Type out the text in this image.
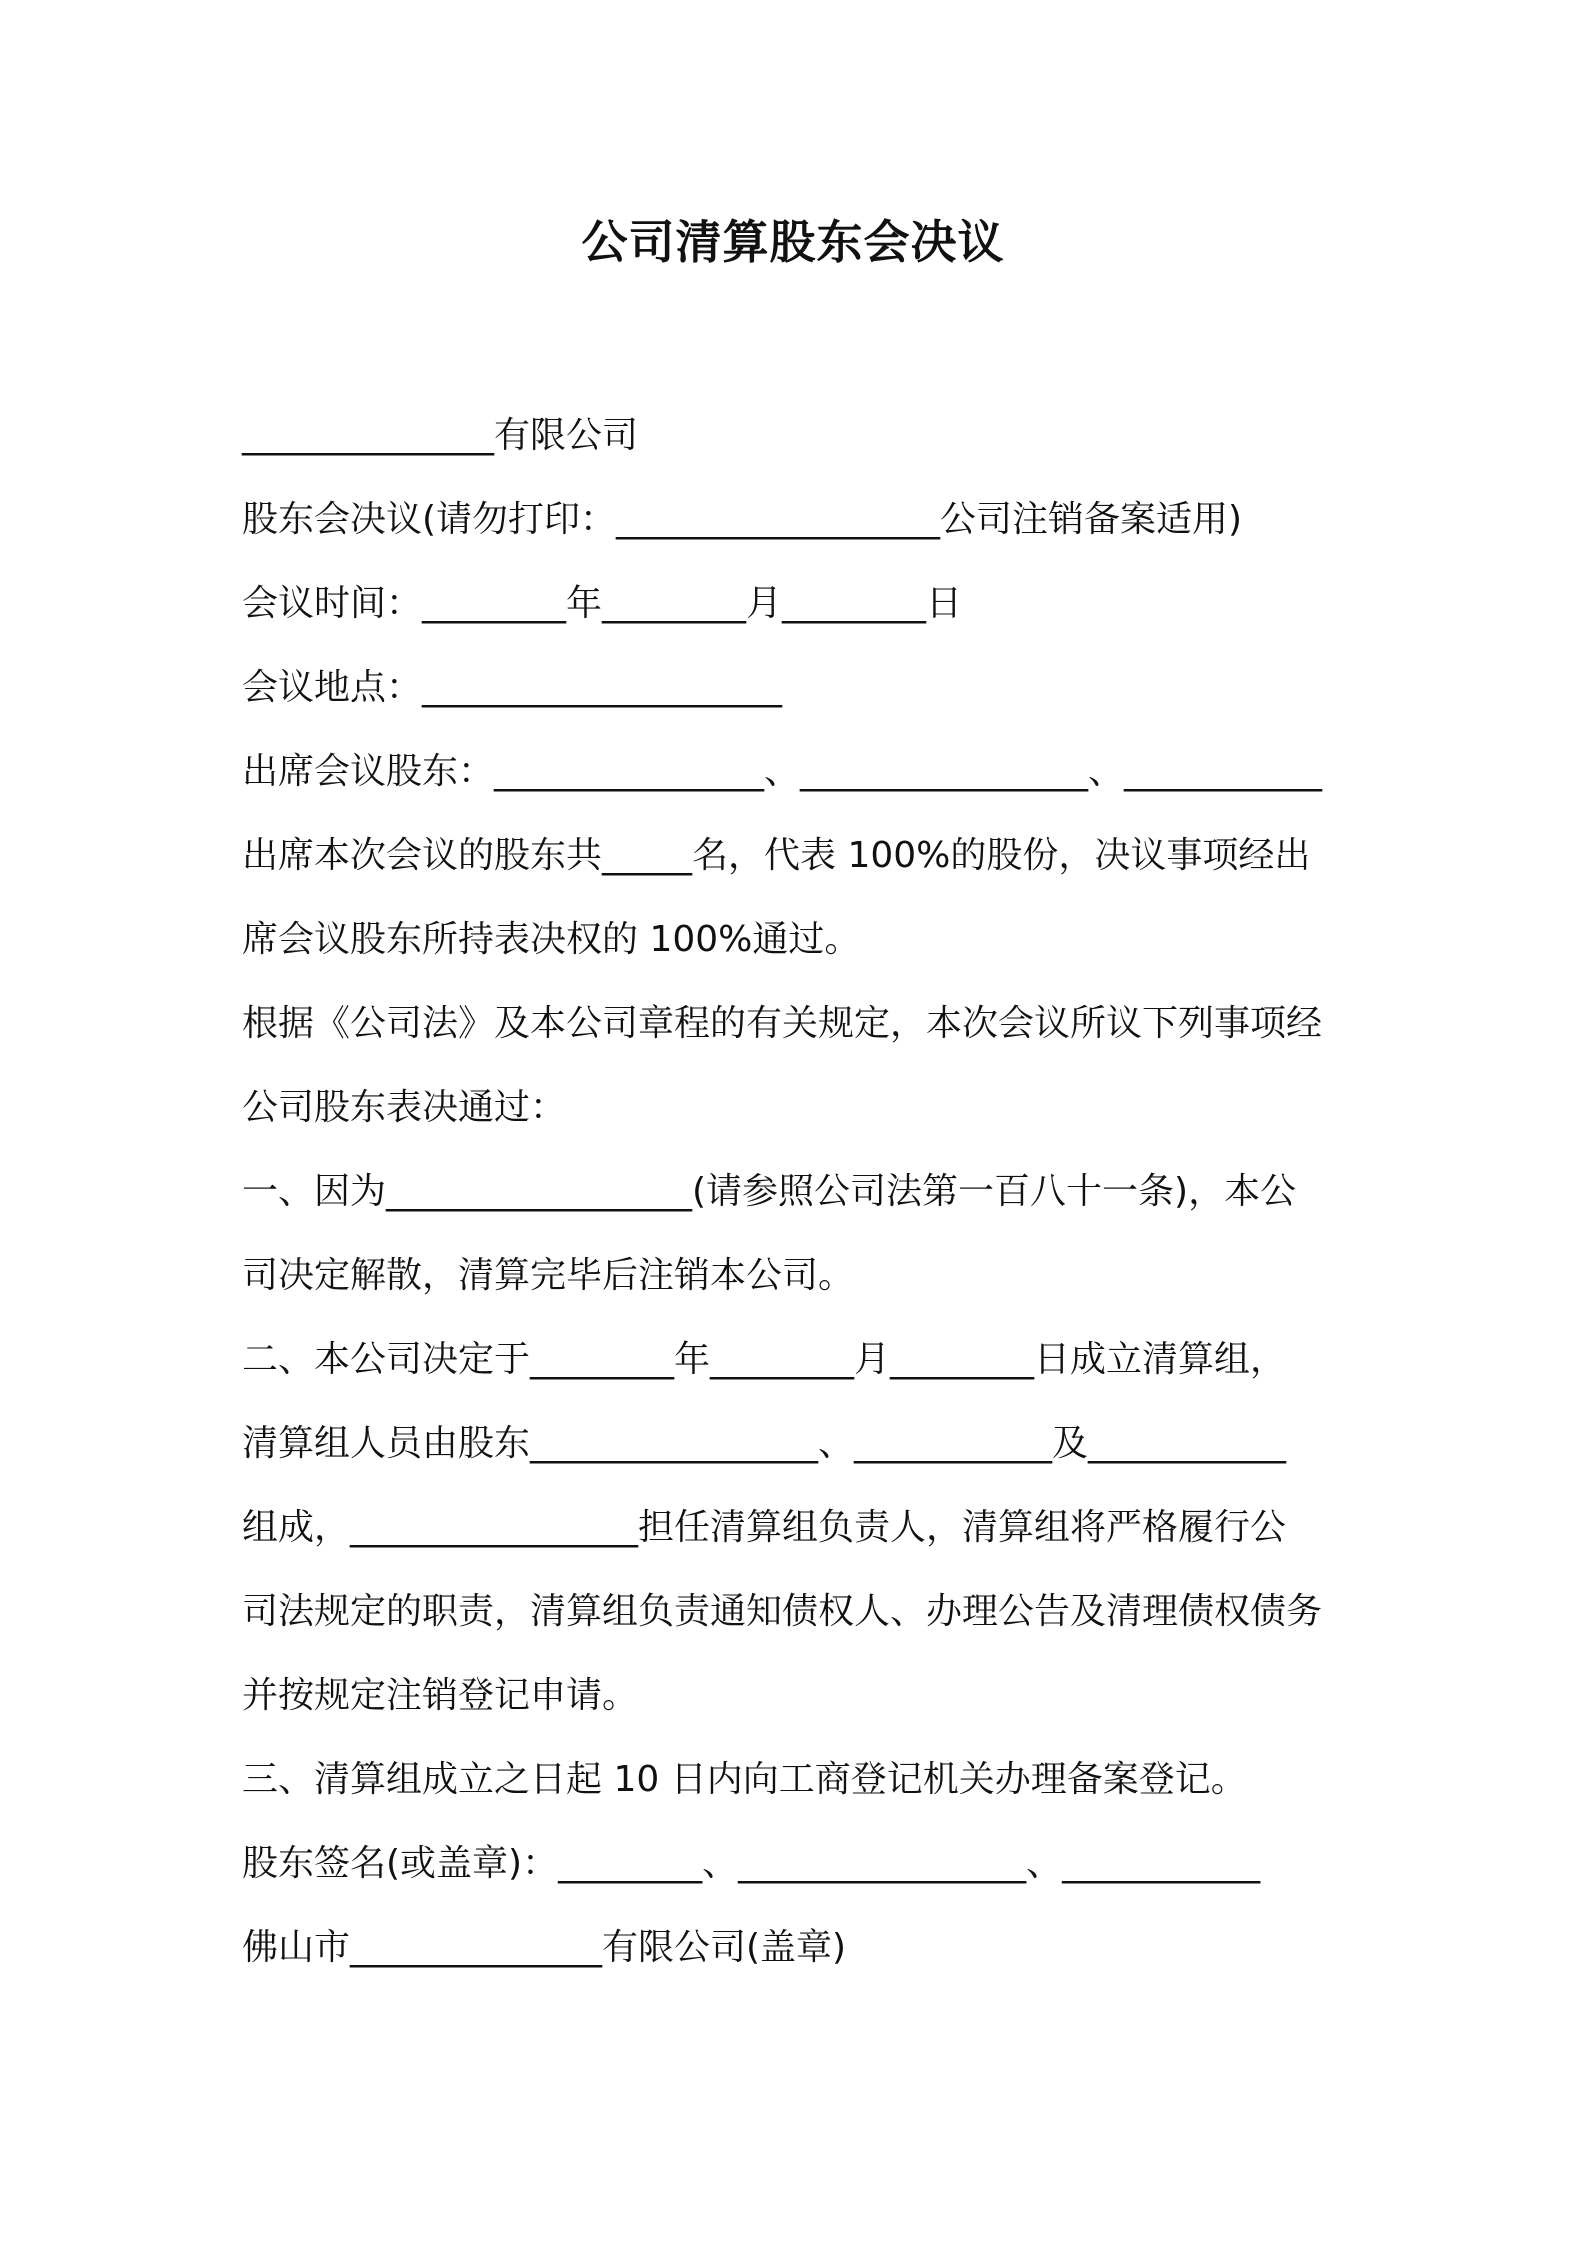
公司清算股东会决议
______________有限公司
股东会决议(请勿打印：__________________公司注销备案适用)
会议时间：________年________月________日
会议地点：____________________
出席会议股东：_______________、________________、___________
出席本次会议的股东共_____名，代表 100%的股份，决议事项经出
席会议股东所持表决权的 100%通过。
根据《公司法》及本公司章程的有关规定，本次会议所议下列事项经
公司股东表决通过：
一、因为_________________(请参照公司法第一百八十一条)，本公
司决定解散，清算完毕后注销本公司。
二、本公司决定于________年________月________日成立清算组，
清算组人员由股东________________、___________及___________
组成，________________担任清算组负责人，清算组将严格履行公
司法规定的职责，清算组负责通知债权人、办理公告及清理债权债务
并按规定注销登记申请。
三、清算组成立之日起 10 日内向工商登记机关办理备案登记。
股东签名(或盖章)：________、________________、___________
佛山市______________有限公司(盖章)
